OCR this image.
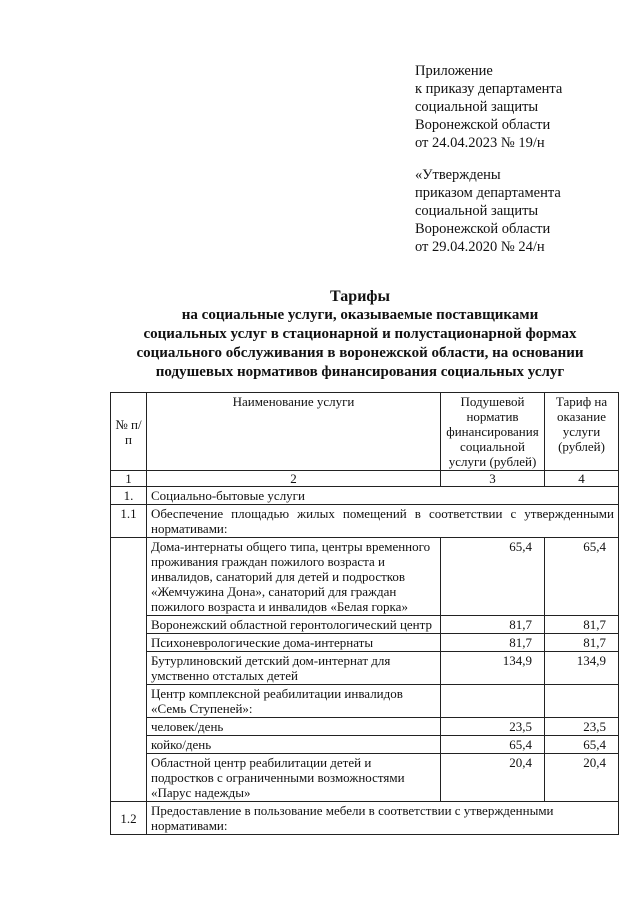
Приложение
к приказу департамента
социальной защиты
Воронежской области
от 24.04.2023 № 19/н
«Утверждены
приказом департамента
социальной защиты
Воронежской области
от 29.04.2020 № 24/н
Тарифы
на социальные услуги, оказываемые поставщиками
социальных услуг в стационарной и полустационарной формах
социального обслуживания в воронежской области, на основании
подушевых нормативов финансирования социальных услуг
№ п/п	Наименование услуги	Подушевой норматив финансирования социальной услуги (рублей)	Тариф на оказание услуги (рублей)
1	2	3	4
1.	Социально-бытовые услуги		
1.1	Обеспечение площадью жилых помещений в соответствии с утвержденными нормативами:		
	Дома-интернаты общего типа, центры временного проживания граждан пожилого возраста и инвалидов, санаторий для детей и подростков «Жемчужина Дона», санаторий для граждан пожилого возраста и инвалидов «Белая горка»	65,4	65,4
	Воронежский областной геронтологический центр	81,7	81,7
	Психоневрологические дома-интернаты	81,7	81,7
	Бутурлиновский детский дом-интернат для умственно отсталых детей	134,9	134,9
	Центр комплексной реабилитации инвалидов «Семь Ступеней»:		
	человек/день	23,5	23,5
	койко/день	65,4	65,4
	Областной центр реабилитации детей и подростков с ограниченными возможностями «Парус надежды»	20,4	20,4
1.2	Предоставление в пользование мебели в соответствии с утвержденными нормативами:		
